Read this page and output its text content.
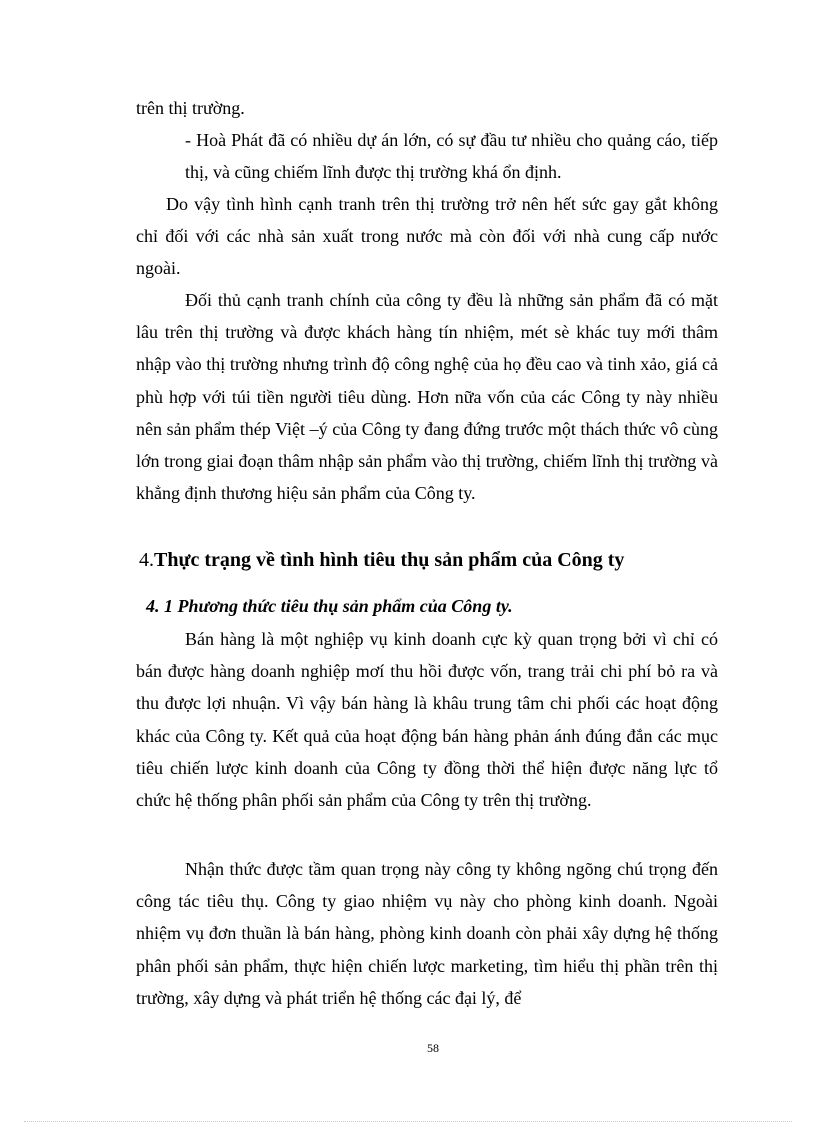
trên thị trường.
- Hoà Phát đã có nhiều dự án lớn, có sự đầu tư nhiều cho quảng cáo, tiếp thị, và cũng chiếm lĩnh được thị trường khá ổn định.

Do vậy tình hình cạnh tranh trên thị trường trở nên hết sức gay gắt không chỉ đối với các nhà sản xuất trong nước mà còn đối với nhà cung cấp nước ngoài.

Đối thủ cạnh tranh chính của công ty đều là những sản phẩm đã có mặt lâu trên thị trường và được khách hàng tín nhiệm, mét sè khác tuy mới thâm nhập vào thị trường nhưng trình độ công nghệ của họ đều cao và tinh xảo, giá cả phù hợp với túi tiền người tiêu dùng. Hơn nữa vốn của các Công ty này nhiều nên sản phẩm thép Việt –ý của Công ty đang đứng trước một thách thức vô cùng lớn trong giai đoạn thâm nhập sản phẩm vào thị trường, chiếm lĩnh thị trường và khẳng định thương hiệu sản phẩm của Công ty.

4.Thực trạng về tình hình tiêu thụ sản phẩm của Công ty
4. 1 Phương thức tiêu thụ sản phẩm của Công ty.

Bán hàng là một nghiệp vụ kinh doanh cực kỳ quan trọng bởi vì chỉ có bán được hàng doanh nghiệp mơí thu hồi được vốn, trang trải chi phí bỏ ra và thu được lợi nhuận. Vì vậy bán hàng là khâu trung tâm chi phối các hoạt động khác của Công ty. Kết quả của hoạt động bán hàng phản ánh đúng đắn các mục tiêu chiến lược kinh doanh của Công ty đồng thời thể hiện được năng lực tổ chức hệ thống phân phối sản phẩm của Công ty trên thị trường.

Nhận thức được tầm quan trọng này công ty không ngõng chú trọng đến công tác tiêu thụ. Công ty giao nhiệm vụ này cho phòng kinh doanh. Ngoài nhiệm vụ đơn thuần là bán hàng, phòng kinh doanh còn phải xây dựng hệ thống phân phối sản phẩm, thực hiện chiến lược marketing, tìm hiểu thị phần trên thị trường, xây dựng và phát triển hệ thống các đại lý, để

58
